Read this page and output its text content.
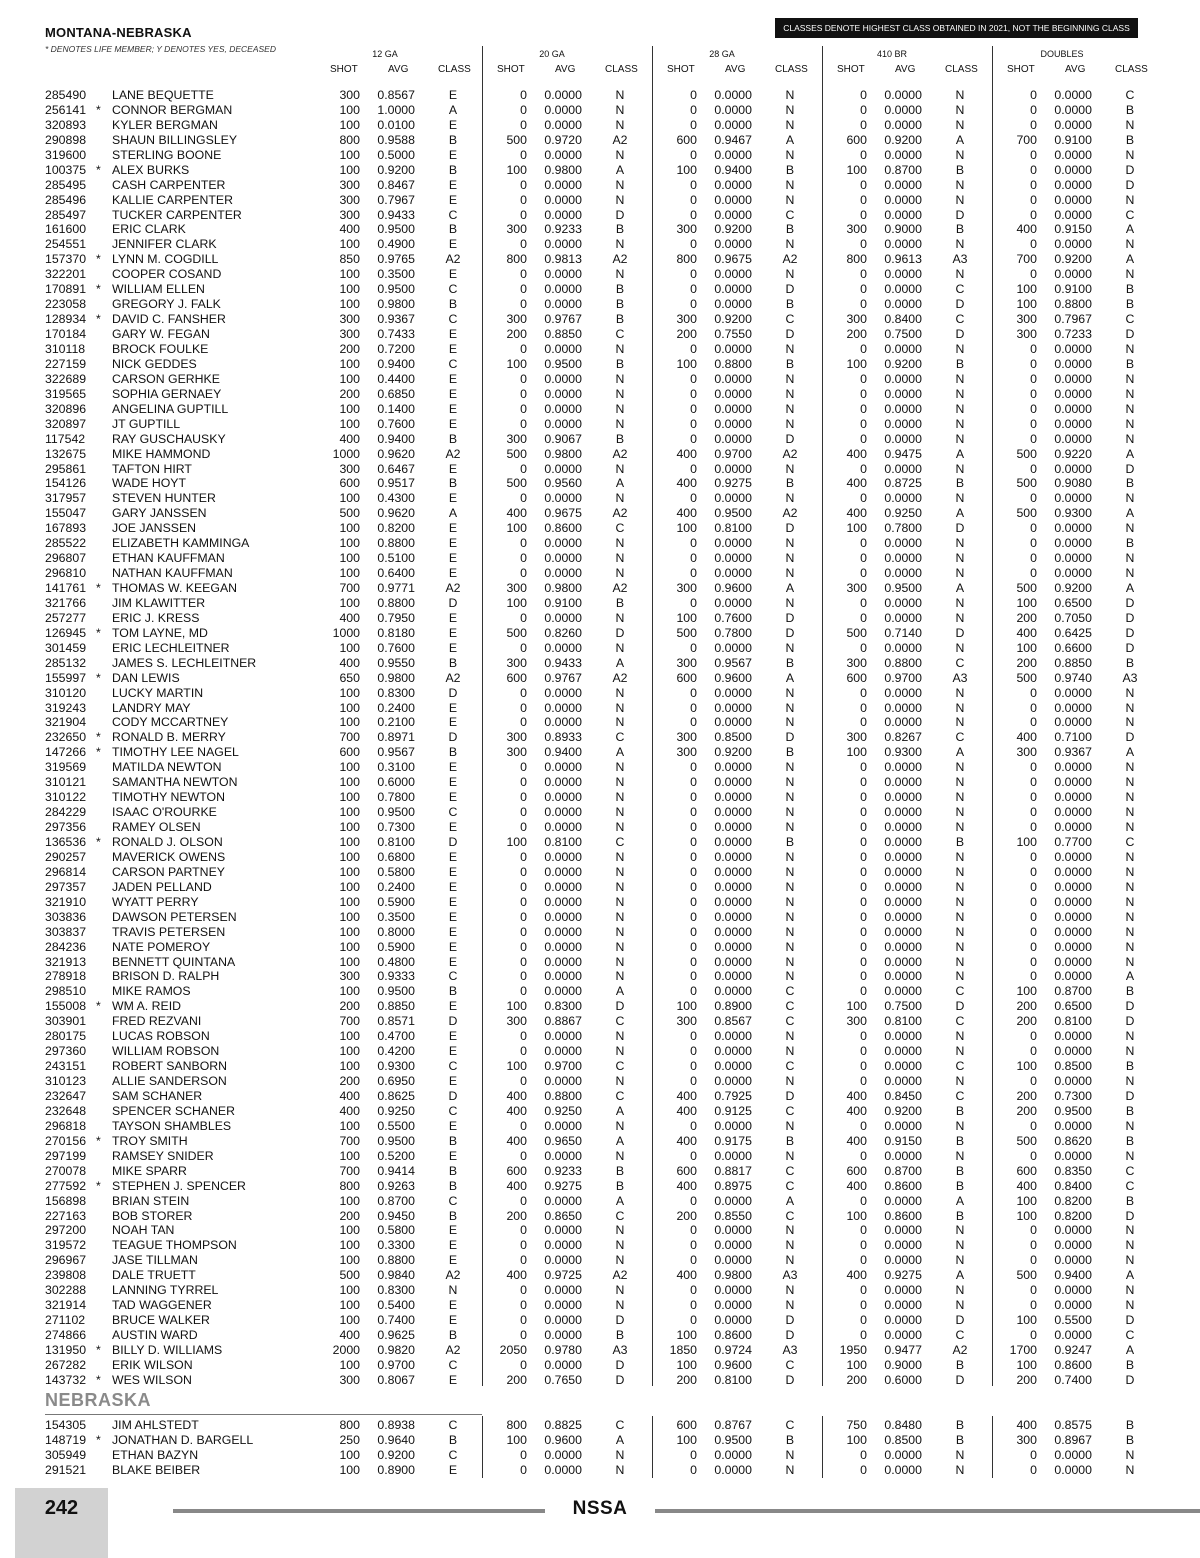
MONTANA-NEBRASKA	CLASSES DENOTE HIGHEST CLASS OBTAINED IN 2021, NOT THE BEGINNING CLASS FOR 2022.
* DENOTES LIFE MEMBER; Y DENOTES YES, DECEASED	12 GA
SHOT	AVG	CLASS
20 GA
SHOT	AVG	CLASS
28 GA
SHOT	AVG	CLASS
410 BR
SHOT	AVG	CLASS
DOUBLES
SHOT	AVG	CLASS
285490 LANE BEQUETTE	300	0.8567	E	0	0.0000	N	0	0.0000	N	0	0.0000	N	0	0.0000	C
256141 * CONNOR BERGMAN	100	1.0000	A	0	0.0000	N	0	0.0000	N	0	0.0000	N	0	0.0000	B
320893 KYLER BERGMAN	100	0.0100	E	0	0.0000	N	0	0.0000	N	0	0.0000	N	0	0.0000	N
290898 SHAUN BILLINGSLEY	800	0.9588	B	500	0.9720	A2	600	0.9467	A	600	0.9200	A	700	0.9100	B
319600 STERLING BOONE	100	0.5000	E	0	0.0000	N	0	0.0000	N	0	0.0000	N	0	0.0000	N
100375 * ALEX BURKS	100	0.9200	B	100	0.9800	A	100	0.9400	B	100	0.8700	B	0	0.0000	D
285495 CASH CARPENTER	300	0.8467	E	0	0.0000	N	0	0.0000	N	0	0.0000	N	0	0.0000	D
285496 KALLIE CARPENTER	300	0.7967	E	0	0.0000	N	0	0.0000	N	0	0.0000	N	0	0.0000	N
285497 TUCKER CARPENTER	300	0.9433	C	0	0.0000	D	0	0.0000	C	0	0.0000	D	0	0.0000	C
161600 ERIC CLARK	400	0.9500	B	300	0.9233	B	300	0.9200	B	300	0.9000	B	400	0.9150	A
254551 JENNIFER CLARK	100	0.4900	E	0	0.0000	N	0	0.0000	N	0	0.0000	N	0	0.0000	N
157370 * LYNN M. COGDILL	850	0.9765	A2	800	0.9813	A2	800	0.9675	A2	800	0.9613	A3	700	0.9200	A
322201 COOPER COSAND	100	0.3500	E	0	0.0000	N	0	0.0000	N	0	0.0000	N	0	0.0000	N
170891 * WILLIAM ELLEN	100	0.9500	C	0	0.0000	B	0	0.0000	D	0	0.0000	C	100	0.9100	B
223058 GREGORY J. FALK	100	0.9800	B	0	0.0000	B	0	0.0000	B	0	0.0000	D	100	0.8800	B
128934 * DAVID C. FANSHER	300	0.9367	C	300	0.9767	B	300	0.9200	C	300	0.8400	C	300	0.7967	C
170184 GARY W. FEGAN	300	0.7433	E	200	0.8850	C	200	0.7550	D	200	0.7500	D	300	0.7233	D
310118 BROCK FOULKE	200	0.7200	E	0	0.0000	N	0	0.0000	N	0	0.0000	N	0	0.0000	N
227159 NICK GEDDES	100	0.9400	C	100	0.9500	B	100	0.8800	B	100	0.9200	B	0	0.0000	B
322689 CARSON GERHKE	100	0.4400	E	0	0.0000	N	0	0.0000	N	0	0.0000	N	0	0.0000	N
319565 SOPHIA GERNAEY	200	0.6850	E	0	0.0000	N	0	0.0000	N	0	0.0000	N	0	0.0000	N
320896 ANGELINA GUPTILL	100	0.1400	E	0	0.0000	N	0	0.0000	N	0	0.0000	N	0	0.0000	N
320897 JT GUPTILL	100	0.7600	E	0	0.0000	N	0	0.0000	N	0	0.0000	N	0	0.0000	N
117542 RAY GUSCHAUSKY	400	0.9400	B	300	0.9067	B	0	0.0000	D	0	0.0000	N	0	0.0000	N
132675 MIKE HAMMOND	1000	0.9620	A2	500	0.9800	A2	400	0.9700	A2	400	0.9475	A	500	0.9220	A
295861 TAFTON HIRT	300	0.6467	E	0	0.0000	N	0	0.0000	N	0	0.0000	N	0	0.0000	D
154126 WADE HOYT	600	0.9517	B	500	0.9560	A	400	0.9275	B	400	0.8725	B	500	0.9080	B
317957 STEVEN HUNTER	100	0.4300	E	0	0.0000	N	0	0.0000	N	0	0.0000	N	0	0.0000	N
155047 GARY JANSSEN	500	0.9620	A	400	0.9675	A2	400	0.9500	A2	400	0.9250	A	500	0.9300	A
167893 JOE JANSSEN	100	0.8200	E	100	0.8600	C	100	0.8100	D	100	0.7800	D	0	0.0000	N
285522 ELIZABETH KAMMINGA	100	0.8800	E	0	0.0000	N	0	0.0000	N	0	0.0000	N	0	0.0000	B
296807 ETHAN KAUFFMAN	100	0.5100	E	0	0.0000	N	0	0.0000	N	0	0.0000	N	0	0.0000	N
296810 NATHAN KAUFFMAN	100	0.6400	E	0	0.0000	N	0	0.0000	N	0	0.0000	N	0	0.0000	N
141761 * THOMAS W. KEEGAN	700	0.9771	A2	300	0.9800	A2	300	0.9600	A	300	0.9500	A	500	0.9200	A
321766 JIM KLAWITTER	100	0.8800	D	100	0.9100	B	0	0.0000	N	0	0.0000	N	100	0.6500	D
257277 ERIC J. KRESS	400	0.7950	E	0	0.0000	N	100	0.7600	D	0	0.0000	N	200	0.7050	D
126945 * TOM LAYNE, MD	1000	0.8180	E	500	0.8260	D	500	0.7800	D	500	0.7140	D	400	0.6425	D
301459 ERIC LECHLEITNER	100	0.7600	E	0	0.0000	N	0	0.0000	N	0	0.0000	N	100	0.6600	D
285132 JAMES S. LECHLEITNER	400	0.9550	B	300	0.9433	A	300	0.9567	B	300	0.8800	C	200	0.8850	B
155997 * DAN LEWIS	650	0.9800	A2	600	0.9767	A2	600	0.9600	A	600	0.9700	A3	500	0.9740	A3
310120 LUCKY MARTIN	100	0.8300	D	0	0.0000	N	0	0.0000	N	0	0.0000	N	0	0.0000	N
319243 LANDRY MAY	100	0.2400	E	0	0.0000	N	0	0.0000	N	0	0.0000	N	0	0.0000	N
321904 CODY MCCARTNEY	100	0.2100	E	0	0.0000	N	0	0.0000	N	0	0.0000	N	0	0.0000	N
232650 * RONALD B. MERRY	700	0.8971	D	300	0.8933	C	300	0.8500	D	300	0.8267	C	400	0.7100	D
147266 * TIMOTHY LEE NAGEL	600	0.9567	B	300	0.9400	A	300	0.9200	B	100	0.9300	A	300	0.9367	A
319569 MATILDA NEWTON	100	0.3100	E	0	0.0000	N	0	0.0000	N	0	0.0000	N	0	0.0000	N
310121 SAMANTHA NEWTON	100	0.6000	E	0	0.0000	N	0	0.0000	N	0	0.0000	N	0	0.0000	N
310122 TIMOTHY NEWTON	100	0.7800	E	0	0.0000	N	0	0.0000	N	0	0.0000	N	0	0.0000	N
284229 ISAAC O'ROURKE	100	0.9500	C	0	0.0000	N	0	0.0000	N	0	0.0000	N	0	0.0000	N
297356 RAMEY OLSEN	100	0.7300	E	0	0.0000	N	0	0.0000	N	0	0.0000	N	0	0.0000	N
136536 * RONALD J. OLSON	100	0.8100	D	100	0.8100	C	0	0.0000	B	0	0.0000	B	100	0.7700	C
290257 MAVERICK OWENS	100	0.6800	E	0	0.0000	N	0	0.0000	N	0	0.0000	N	0	0.0000	N
296814 CARSON PARTNEY	100	0.5800	E	0	0.0000	N	0	0.0000	N	0	0.0000	N	0	0.0000	N
297357 JADEN PELLAND	100	0.2400	E	0	0.0000	N	0	0.0000	N	0	0.0000	N	0	0.0000	N
321910 WYATT PERRY	100	0.5900	E	0	0.0000	N	0	0.0000	N	0	0.0000	N	0	0.0000	N
303836 DAWSON PETERSEN	100	0.3500	E	0	0.0000	N	0	0.0000	N	0	0.0000	N	0	0.0000	N
303837 TRAVIS PETERSEN	100	0.8000	E	0	0.0000	N	0	0.0000	N	0	0.0000	N	0	0.0000	N
284236 NATE POMEROY	100	0.5900	E	0	0.0000	N	0	0.0000	N	0	0.0000	N	0	0.0000	N
321913 BENNETT QUINTANA	100	0.4800	E	0	0.0000	N	0	0.0000	N	0	0.0000	N	0	0.0000	N
278918 BRISON D. RALPH	300	0.9333	C	0	0.0000	N	0	0.0000	N	0	0.0000	N	0	0.0000	A
298510 MIKE RAMOS	100	0.9500	B	0	0.0000	A	0	0.0000	C	0	0.0000	C	100	0.8700	B
155008 * WM A. REID	200	0.8850	E	100	0.8300	D	100	0.8900	C	100	0.7500	D	200	0.6500	D
303901 FRED REZVANI	700	0.8571	D	300	0.8867	C	300	0.8567	C	300	0.8100	C	200	0.8100	D
280175 LUCAS ROBSON	100	0.4700	E	0	0.0000	N	0	0.0000	N	0	0.0000	N	0	0.0000	N
297360 WILLIAM ROBSON	100	0.4200	E	0	0.0000	N	0	0.0000	N	0	0.0000	N	0	0.0000	N
243151 ROBERT SANBORN	100	0.9300	C	100	0.9700	C	0	0.0000	C	0	0.0000	C	100	0.8500	B
310123 ALLIE SANDERSON	200	0.6950	E	0	0.0000	N	0	0.0000	N	0	0.0000	N	0	0.0000	N
232647 SAM SCHANER	400	0.8625	D	400	0.8800	C	400	0.7925	D	400	0.8450	C	200	0.7300	D
232648 SPENCER SCHANER	400	0.9250	C	400	0.9250	A	400	0.9125	C	400	0.9200	B	200	0.9500	B
296818 TAYSON SHAMBLES	100	0.5500	E	0	0.0000	N	0	0.0000	N	0	0.0000	N	0	0.0000	N
270156 * TROY SMITH	700	0.9500	B	400	0.9650	A	400	0.9175	B	400	0.9150	B	500	0.8620	B
297199 RAMSEY SNIDER	100	0.5200	E	0	0.0000	N	0	0.0000	N	0	0.0000	N	0	0.0000	N
270078 MIKE SPARR	700	0.9414	B	600	0.9233	B	600	0.8817	C	600	0.8700	B	600	0.8350	C
277592 * STEPHEN J. SPENCER	800	0.9263	B	400	0.9275	B	400	0.8975	C	400	0.8600	B	400	0.8400	C
156898 BRIAN STEIN	100	0.8700	C	0	0.0000	A	0	0.0000	A	0	0.0000	A	100	0.8200	B
227163 BOB STORER	200	0.9450	B	200	0.8650	C	200	0.8550	C	100	0.8600	B	100	0.8200	D
297200 NOAH TAN	100	0.5800	E	0	0.0000	N	0	0.0000	N	0	0.0000	N	0	0.0000	N
319572 TEAGUE THOMPSON	100	0.3300	E	0	0.0000	N	0	0.0000	N	0	0.0000	N	0	0.0000	N
296967 JASE TILLMAN	100	0.8800	E	0	0.0000	N	0	0.0000	N	0	0.0000	N	0	0.0000	N
239808 DALE TRUETT	500	0.9840	A2	400	0.9725	A2	400	0.9800	A3	400	0.9275	A	500	0.9400	A
302288 LANNING TYRREL	100	0.8300	N	0	0.0000	N	0	0.0000	N	0	0.0000	N	0	0.0000	N
321914 TAD WAGGENER	100	0.5400	E	0	0.0000	N	0	0.0000	N	0	0.0000	N	0	0.0000	N
271102 BRUCE WALKER	100	0.7400	E	0	0.0000	D	0	0.0000	D	0	0.0000	D	100	0.5500	D
274866 AUSTIN WARD	400	0.9625	B	0	0.0000	B	100	0.8600	D	0	0.0000	C	0	0.0000	C
131950 * BILLY D. WILLIAMS	2000	0.9820	A2	2050	0.9780	A3	1850	0.9724	A3	1950	0.9477	A2	1700	0.9247	A
267282 ERIK WILSON	100	0.9700	C	0	0.0000	D	100	0.9600	C	100	0.9000	B	100	0.8600	B
143732 * WES WILSON	300	0.8067	E	200	0.7650	D	200	0.8100	D	200	0.6000	D	200	0.7400	D
154305 JIM AHLSTEDT	800	0.8938	C	800	0.8825	C	600	0.8767	C	750	0.8480	B	400	0.8575	B
148719 * JONATHAN D. BARGELL	250	0.9640	B	100	0.9600	A	100	0.9500	B	100	0.8500	B	300	0.8967	B
305949 ETHAN BAZYN	100	0.9200	C	0	0.0000	N	0	0.0000	N	0	0.0000	N	0	0.0000	N
291521 BLAKE BEIBER	100	0.8900	E	0	0.0000	N	0	0.0000	N	0	0.0000	N	0	0.0000	N
NEBRASKA
242	NSSA
